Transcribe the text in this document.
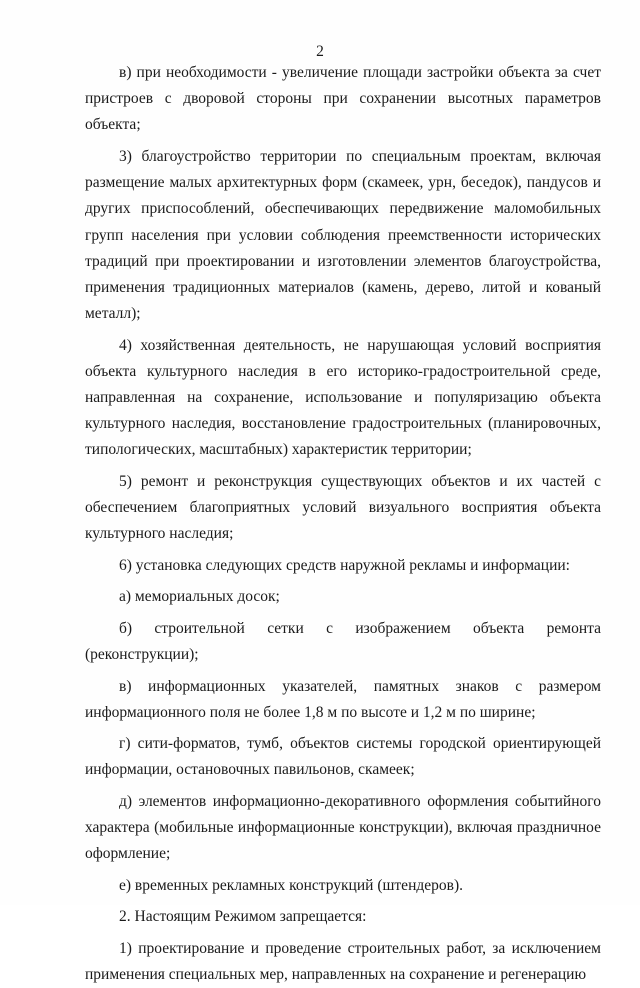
2

в) при необходимости - увеличение площади застройки объекта за счет пристроев с дворовой стороны при сохранении высотных параметров объекта;

3) благоустройство территории по специальным проектам, включая размещение малых архитектурных форм (скамеек, урн, беседок), пандусов и других приспособлений, обеспечивающих передвижение маломобильных групп населения при условии соблюдения преемственности исторических традиций при проектировании и изготовлении элементов благоустройства, применения традиционных материалов (камень, дерево, литой и кованый металл);

4) хозяйственная деятельность, не нарушающая условий восприятия объекта культурного наследия в его историко-градостроительной среде, направленная на сохранение, использование и популяризацию объекта культурного наследия, восстановление градостроительных (планировочных, типологических, масштабных) характеристик территории;

5) ремонт и реконструкция существующих объектов и их частей с обеспечением благоприятных условий визуального восприятия объекта культурного наследия;

6) установка следующих средств наружной рекламы и информации:

а) мемориальных досок;

б) строительной сетки с изображением объекта ремонта (реконструкции);

в) информационных указателей, памятных знаков с размером информационного поля не более 1,8 м по высоте и 1,2 м по ширине;

г) сити-форматов, тумб, объектов системы городской ориентирующей информации, остановочных павильонов, скамеек;

д) элементов информационно-декоративного оформления событийного характера (мобильные информационные конструкции), включая праздничное оформление;

е) временных рекламных конструкций (штендеров).

2. Настоящим Режимом запрещается:

1) проектирование и проведение строительных работ, за исключением применения специальных мер, направленных на сохранение и регенерацию
